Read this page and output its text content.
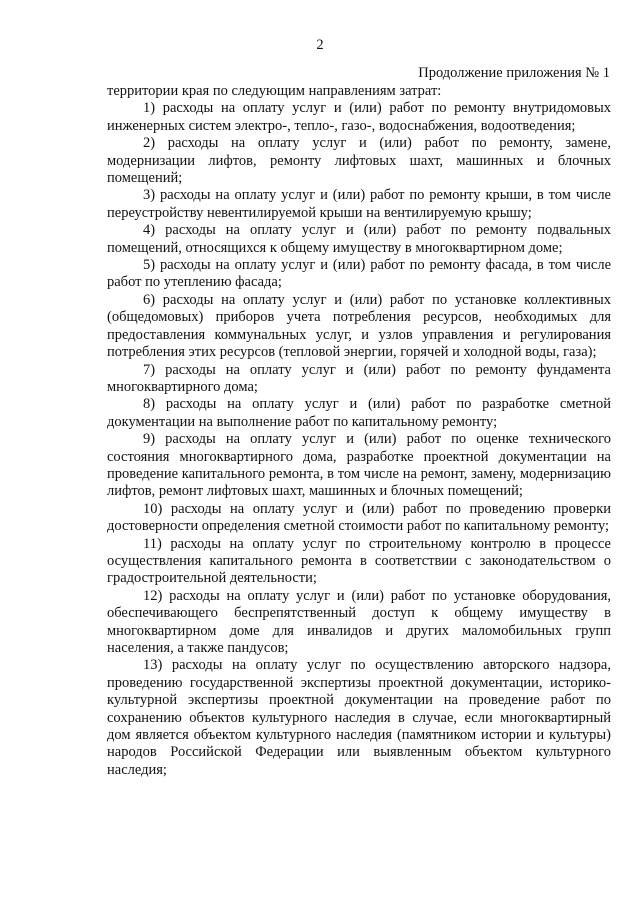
2
Продолжение приложения № 1

территории края по следующим направлениям затрат:

1) расходы на оплату услуг и (или) работ по ремонту внутридомовых инженерных систем электро-, тепло-, газо-, водоснабжения, водоотведения;

2) расходы на оплату услуг и (или) работ по ремонту, замене, модернизации лифтов, ремонту лифтовых шахт, машинных и блочных помещений;

3) расходы на оплату услуг и (или) работ по ремонту крыши, в том числе переустройству невентилируемой крыши на вентилируемую крышу;

4) расходы на оплату услуг и (или) работ по ремонту подвальных помещений, относящихся к общему имуществу в многоквартирном доме;

5) расходы на оплату услуг и (или) работ по ремонту фасада, в том числе работ по утеплению фасада;

6) расходы на оплату услуг и (или) работ по установке коллективных (общедомовых) приборов учета потребления ресурсов, необходимых для предоставления коммунальных услуг, и узлов управления и регулирования потребления этих ресурсов (тепловой энергии, горячей и холодной воды, газа);

7) расходы на оплату услуг и (или) работ по ремонту фундамента многоквартирного дома;

8) расходы на оплату услуг и (или) работ по разработке сметной документации на выполнение работ по капитальному ремонту;

9) расходы на оплату услуг и (или) работ по оценке технического состояния многоквартирного дома, разработке проектной документации на проведение капитального ремонта, в том числе на ремонт, замену, модернизацию лифтов, ремонт лифтовых шахт, машинных и блочных помещений;

10) расходы на оплату услуг и (или) работ по проведению проверки достоверности определения сметной стоимости работ по капитальному ремонту;

11) расходы на оплату услуг по строительному контролю в процессе осуществления капитального ремонта в соответствии с законодательством о градостроительной деятельности;

12) расходы на оплату услуг и (или) работ по установке оборудования, обеспечивающего беспрепятственный доступ к общему имуществу в многоквартирном доме для инвалидов и других маломобильных групп населения, а также пандусов;

13) расходы на оплату услуг по осуществлению авторского надзора, проведению государственной экспертизы проектной документации, историко-культурной экспертизы проектной документации на проведение работ по сохранению объектов культурного наследия в случае, если многоквартирный дом является объектом культурного наследия (памятником истории и культуры) народов Российской Федерации или выявленным объектом культурного наследия;
